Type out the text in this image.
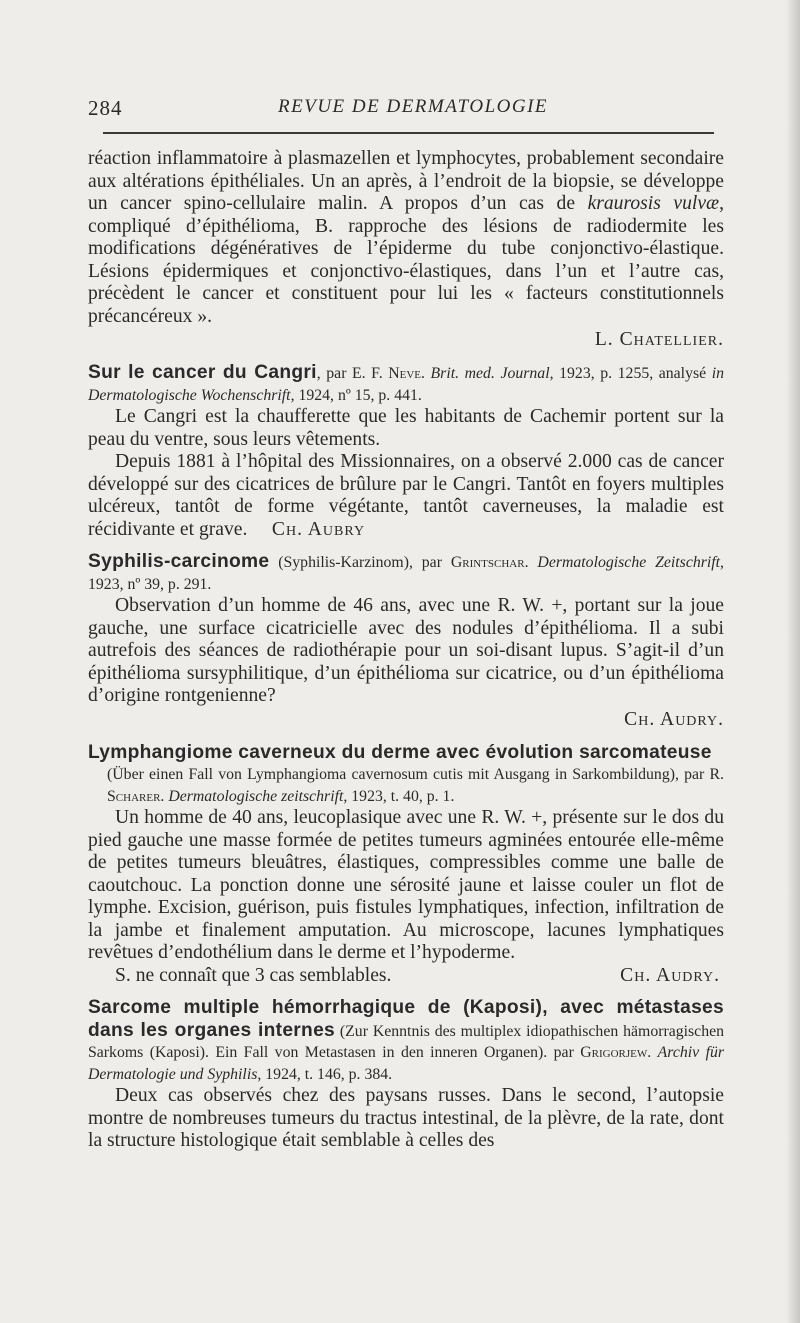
284	REVUE DE DERMATOLOGIE

réaction inflammatoire à plasmazellen et lymphocytes, probablement secondaire aux altérations épithéliales. Un an après, à l’endroit de la biopsie, se développe un cancer spino-cellulaire malin. A propos d’un cas de kraurosis vulvæ, compliqué d’épithélioma, B. rapproche des lésions de radiodermite les modifications dégénératives de l’épiderme du tube conjonctivo-élastique. Lésions épidermiques et conjonctivo-élastiques, dans l’un et l’autre cas, précèdent le cancer et constituent pour lui les « facteurs constitutionnels précancéreux ».

L. Chatellier.

Sur le cancer du Cangri, par E. F. Neve. Brit. med. Journal, 1923, p. 1255, analysé in Dermatologische Wochenschrift, 1924, nº 15, p. 441.

Le Cangri est la chaufferette que les habitants de Cachemir portent sur la peau du ventre, sous leurs vêtements.

Depuis 1881 à l’hôpital des Missionnaires, on a observé 2.000 cas de cancer développé sur des cicatrices de brûlure par le Cangri. Tantôt en foyers multiples ulcéreux, tantôt de forme végétante, tantôt caverneuses, la maladie est récidivante et grave. Ch. Aubry

Syphilis-carcinome (Syphilis-Karzinom), par Grintschar. Dermatologische Zeitschrift, 1923, nº 39, p. 291.

Observation d’un homme de 46 ans, avec une R. W. +, portant sur la joue gauche, une surface cicatricielle avec des nodules d’épithélioma. Il a subi autrefois des séances de radiothérapie pour un soi-disant lupus. S’agit-il d’un épithélioma sursyphilitique, d’un épithélioma sur cicatrice, ou d’un épithélioma d’origine rontgenienne?

Ch. Audry.

Lymphangiome caverneux du derme avec évolution sarcomateuse
(Über einen Fall von Lymphangioma cavernosum cutis mit Ausgang in Sarkombildung), par R. Scharer. Dermatologische zeitschrift, 1923, t. 40, p. 1.

Un homme de 40 ans, leucoplasique avec une R. W. +, présente sur le dos du pied gauche une masse formée de petites tumeurs agminées entourée elle-même de petites tumeurs bleuâtres, élastiques, compressibles comme une balle de caoutchouc. La ponction donne une sérosité jaune et laisse couler un flot de lymphe. Excision, guérison, puis fistules lymphatiques, infection, infiltration de la jambe et finalement amputation. Au microscope, lacunes lymphatiques revêtues d’endothélium dans le derme et l’hypoderme.

S. ne connaît que 3 cas semblables.	Ch. Audry.

Sarcome multiple hémorrhagique de (Kaposi), avec métastases dans les organes internes (Zur Kenntnis des multiplex idiopathischen hämorragischen Sarkoms (Kaposi). Ein Fall von Metastasen in den inneren Organen). par Grigorjew. Archiv für Dermatologie und Syphilis, 1924, t. 146, p. 384.

Deux cas observés chez des paysans russes. Dans le second, l’autopsie montre de nombreuses tumeurs du tractus intestinal, de la plèvre, de la rate, dont la structure histologique était semblable à celles des
